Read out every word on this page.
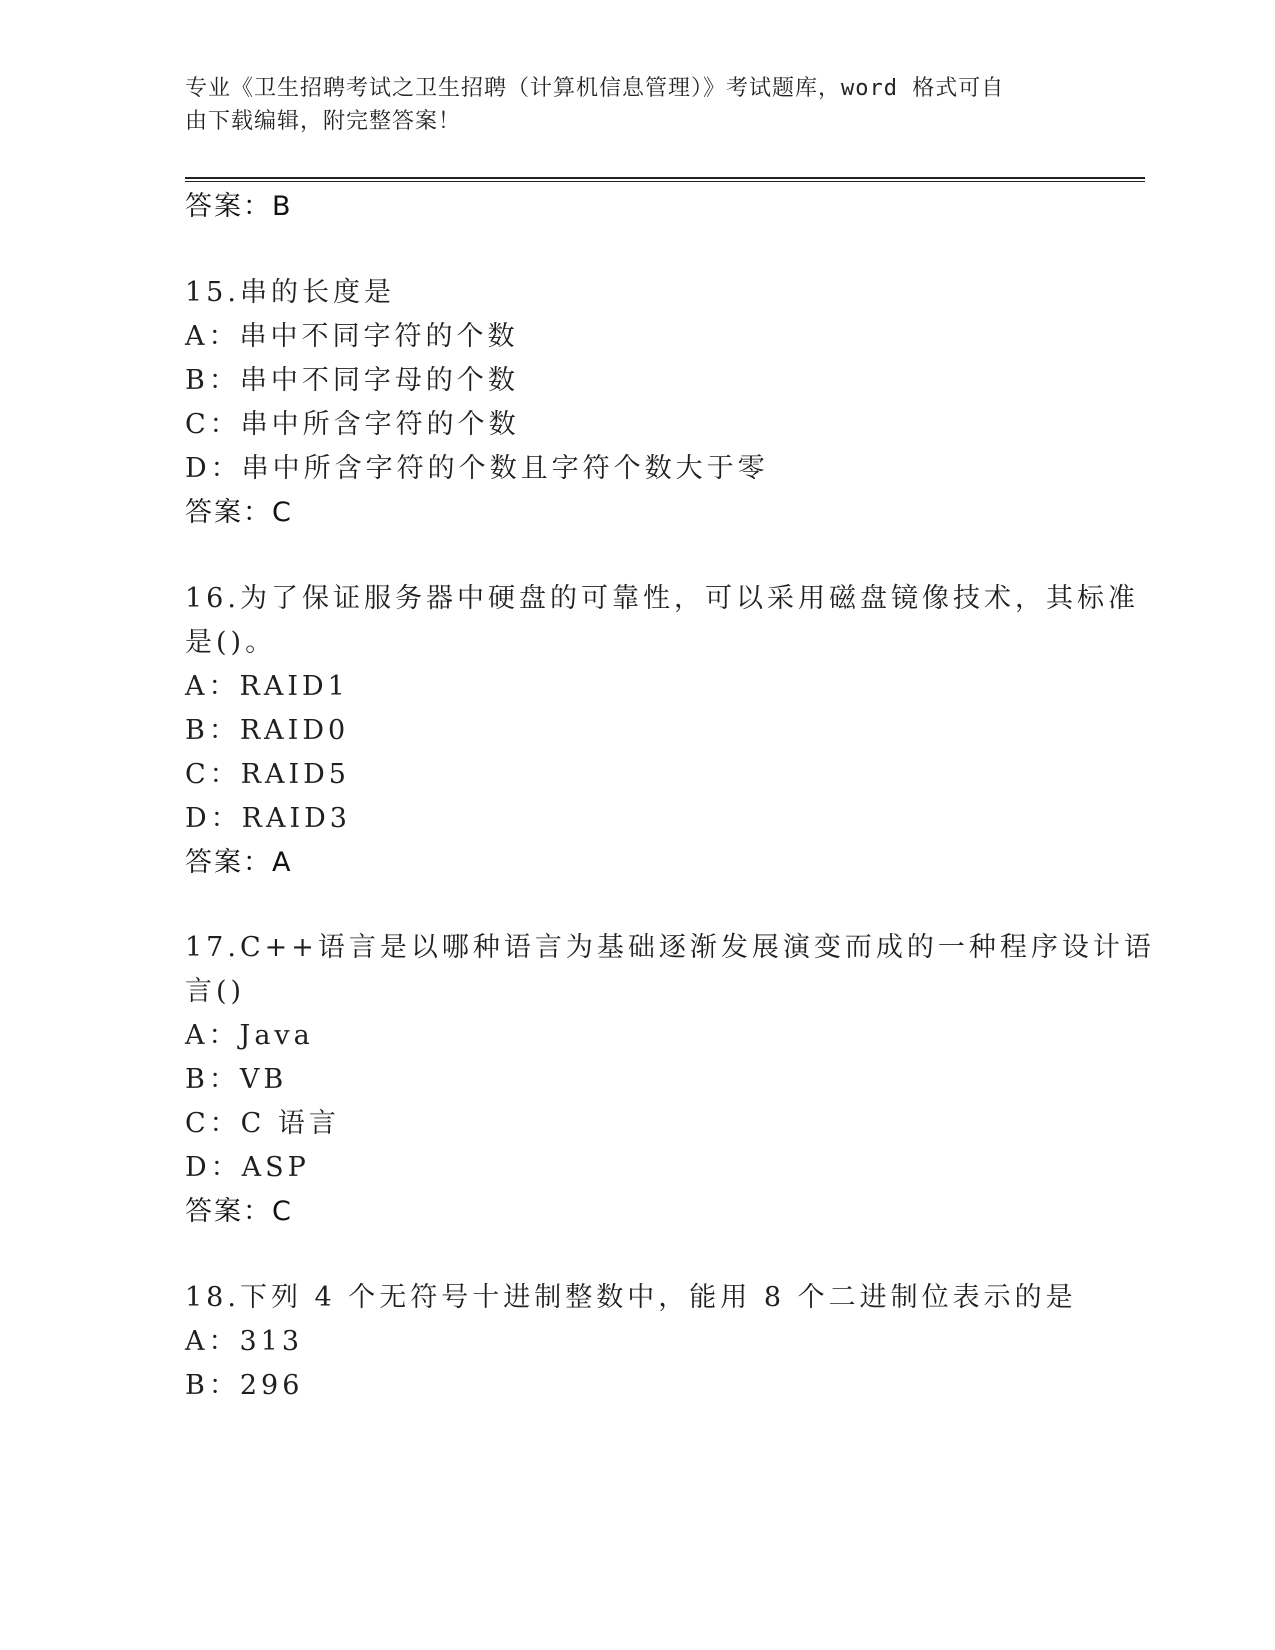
专业《卫生招聘考试之卫生招聘（计算机信息管理）》考试题库，word 格式可自
由下载编辑，附完整答案！
答案：B
15.串的长度是
A：串中不同字符的个数
B：串中不同字母的个数
C：串中所含字符的个数
D：串中所含字符的个数且字符个数大于零
答案：C
16.为了保证服务器中硬盘的可靠性，可以采用磁盘镜像技术，其标准
是()。
A：RAID1
B：RAID0
C：RAID5
D：RAID3
答案：A
17.C++语言是以哪种语言为基础逐渐发展演变而成的一种程序设计语
言()
A：Java
B：VB
C：C 语言
D：ASP
答案：C
18.下列 4 个无符号十进制整数中，能用 8 个二进制位表示的是
A：313
B：296
